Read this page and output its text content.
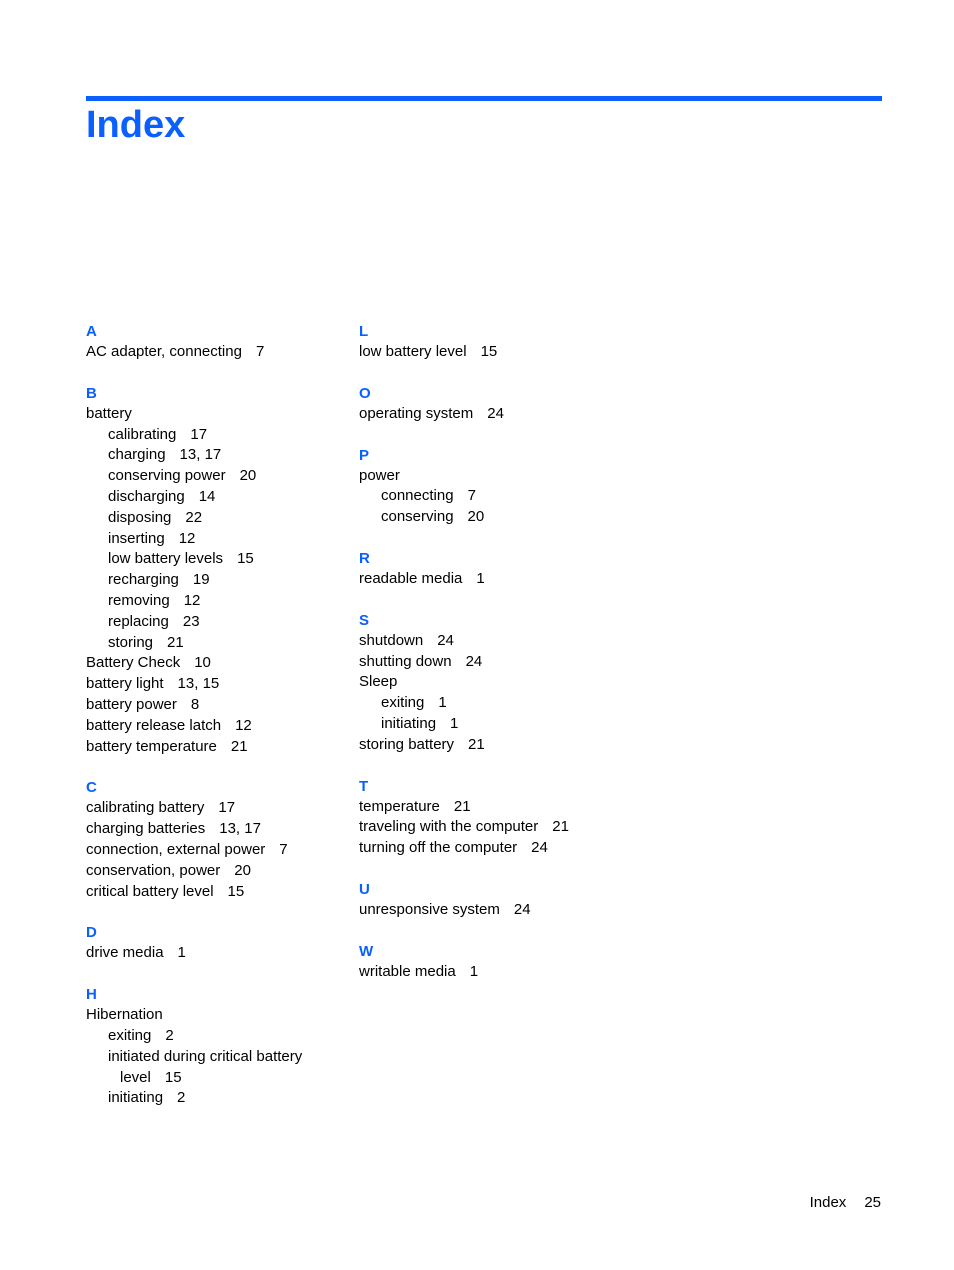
Index
A
AC adapter, connecting 7
B
battery
calibrating 17
charging 13, 17
conserving power 20
discharging 14
disposing 22
inserting 12
low battery levels 15
recharging 19
removing 12
replacing 23
storing 21
Battery Check 10
battery light 13, 15
battery power 8
battery release latch 12
battery temperature 21
C
calibrating battery 17
charging batteries 13, 17
connection, external power 7
conservation, power 20
critical battery level 15
D
drive media 1
H
Hibernation
exiting 2
initiated during critical battery
level 15
initiating 2
L
low battery level 15
O
operating system 24
P
power
connecting 7
conserving 20
R
readable media 1
S
shutdown 24
shutting down 24
Sleep
exiting 1
initiating 1
storing battery 21
T
temperature 21
traveling with the computer 21
turning off the computer 24
U
unresponsive system 24
W
writable media 1
Index 25
